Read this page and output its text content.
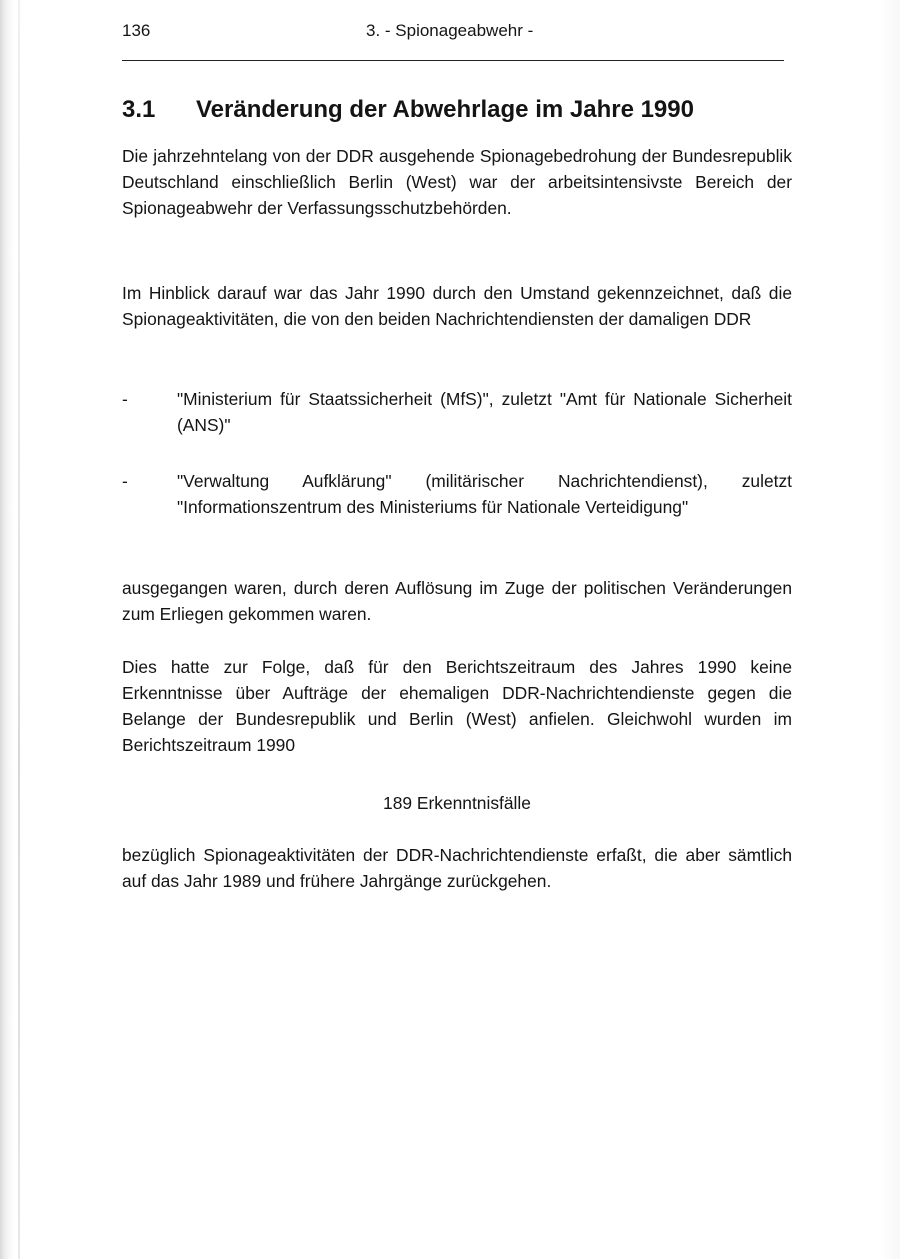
136	3. - Spionageabwehr -
3.1 Veränderung der Abwehrlage im Jahre 1990

Die jahrzehntelang von der DDR ausgehende Spionagebedrohung der Bundesrepublik Deutschland einschließlich Berlin (West) war der arbeitsintensivste Bereich der Spionageabwehr der Verfassungsschutzbehörden.

Im Hinblick darauf war das Jahr 1990 durch den Umstand gekennzeichnet, daß die Spionageaktivitäten, die von den beiden Nachrichtendiensten der damaligen DDR

-	"Ministerium für Staatssicherheit (MfS)", zuletzt "Amt für Nationale Sicherheit (ANS)"
-	"Verwaltung Aufklärung" (militärischer Nachrichtendienst), zuletzt "Informationszentrum des Ministeriums für Nationale Verteidigung"

ausgegangen waren, durch deren Auflösung im Zuge der politischen Veränderungen zum Erliegen gekommen waren.

Dies hatte zur Folge, daß für den Berichtszeitraum des Jahres 1990 keine Erkenntnisse über Aufträge der ehemaligen DDR-Nachrichtendienste gegen die Belange der Bundesrepublik und Berlin (West) anfielen. Gleichwohl wurden im Berichtszeitraum 1990

189 Erkenntnisfälle

bezüglich Spionageaktivitäten der DDR-Nachrichtendienste erfaßt, die aber sämtlich auf das Jahr 1989 und frühere Jahrgänge zurückgehen.
